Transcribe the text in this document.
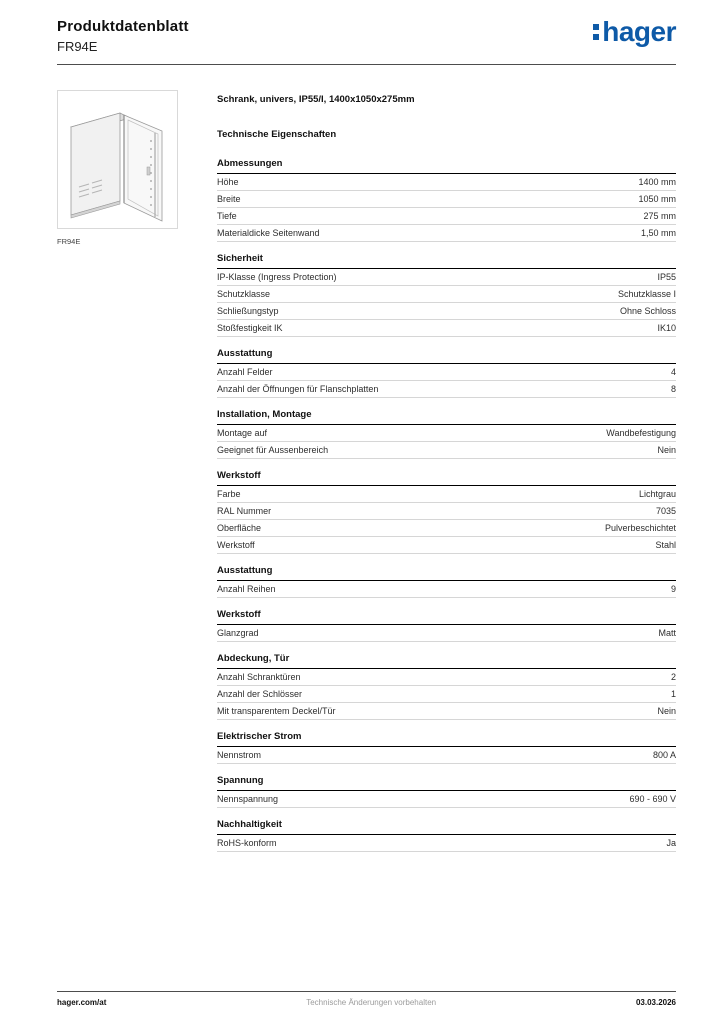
Produktdatenblatt
FR94E	hager
FR94E
Schrank, univers, IP55/I, 1400x1050x275mm
Technische Eigenschaften
Abmessungen
Höhe	1400 mm
Breite	1050 mm
Tiefe	275 mm
Materialdicke Seitenwand	1,50 mm
Sicherheit
IP-Klasse (Ingress Protection)	IP55
Schutzklasse	Schutzklasse I
Schließungstyp	Ohne Schloss
Stoßfestigkeit IK	IK10
Ausstattung
Anzahl Felder	4
Anzahl der Öffnungen für Flanschplatten	8
Installation, Montage
Montage auf	Wandbefestigung
Geeignet für Aussenbereich	Nein
Werkstoff
Farbe	Lichtgrau
RAL Nummer	7035
Oberfläche	Pulverbeschichtet
Werkstoff	Stahl
Ausstattung
Anzahl Reihen	9
Werkstoff
Glanzgrad	Matt
Abdeckung, Tür
Anzahl Schranktüren	2
Anzahl der Schlösser	1
Mit transparentem Deckel/Tür	Nein
Elektrischer Strom
Nennstrom	800 A
Spannung
Nennspannung	690 - 690 V
Nachhaltigkeit
RoHS-konform	Ja
hager.com/at	Technische Änderungen vorbehalten	03.03.2026
